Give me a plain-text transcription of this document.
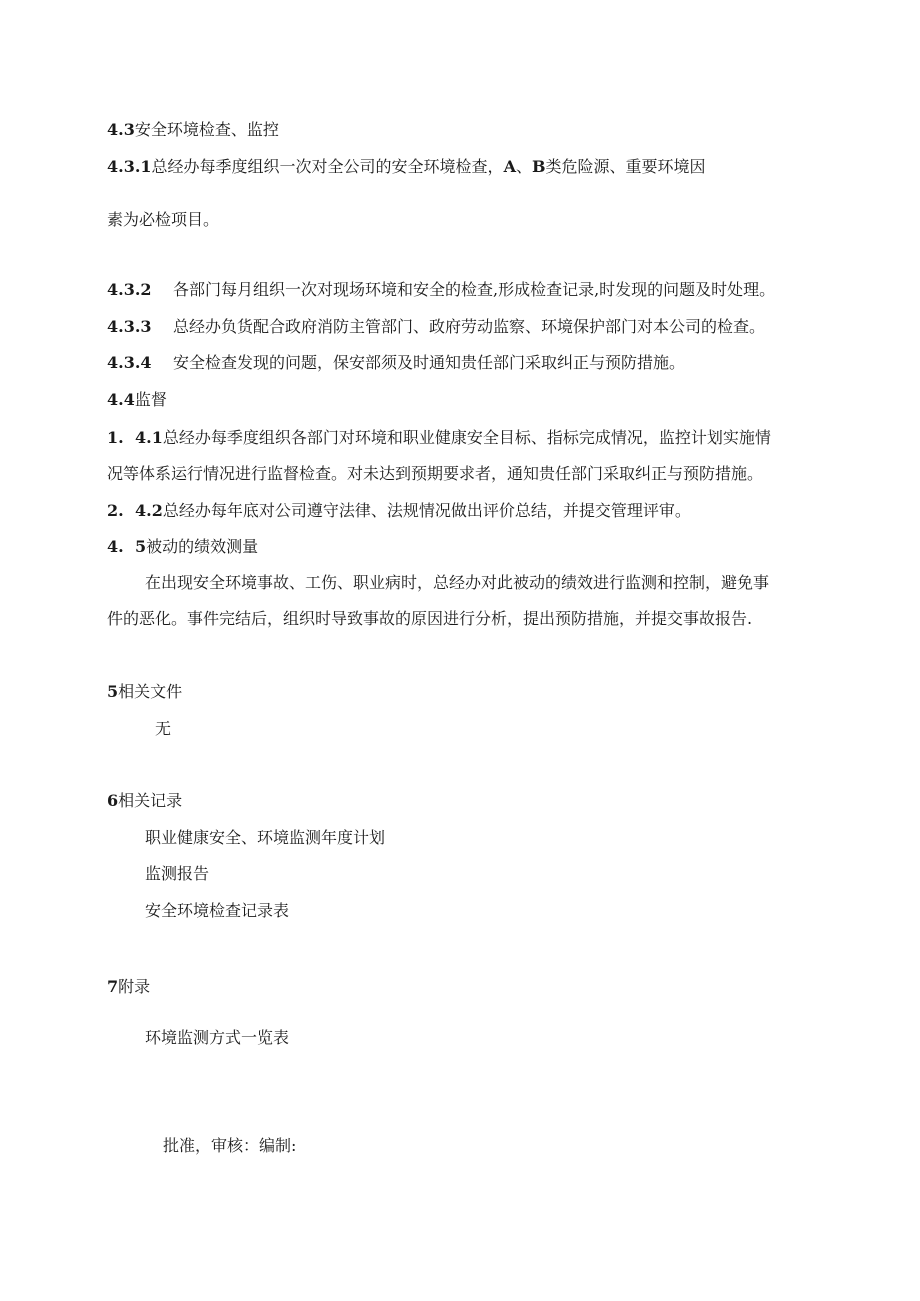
4.3安全环境检查、监控
4.3.1总经办每季度组织一次对全公司的安全环境检查，A、B类危险源、重要环境因
素为必检项目。
4.3.2 各部门每月组织一次对现场环境和安全的检查,形成检查记录,时发现的问题及时处理。
4.3.3 总经办负货配合政府消防主管部门、政府劳动监察、环境保护部门对本公司的检查。
4.3.4 安全检查发现的问题，保安部须及时通知贵任部门采取纠正与预防措施。
4.4监督
1. 4.1总经办每季度组织各部门对环境和职业健康安全目标、指标完成情况，监控计划实施情
况等体系运行情况进行监督检查。对未达到预期要求者，通知贵任部门采取纠正与预防措施。
2. 4.2总经办每年底对公司遵守法律、法规情况做出评价总结，并提交管理评审。
4. 5被动的绩效测量
在出现安全环境事故、工伤、职业病时，总经办对此被动的绩效进行监测和控制，避免事
件的恶化。事件完结后，组织时导致事故的原因进行分析，提出预防措施，并提交事故报告.
5相关文件
无
6相关记录
职业健康安全、环境监测年度计划
监测报告
安全环境检查记录表
7附录
环境监测方式一览表
批准，审核：编制:
